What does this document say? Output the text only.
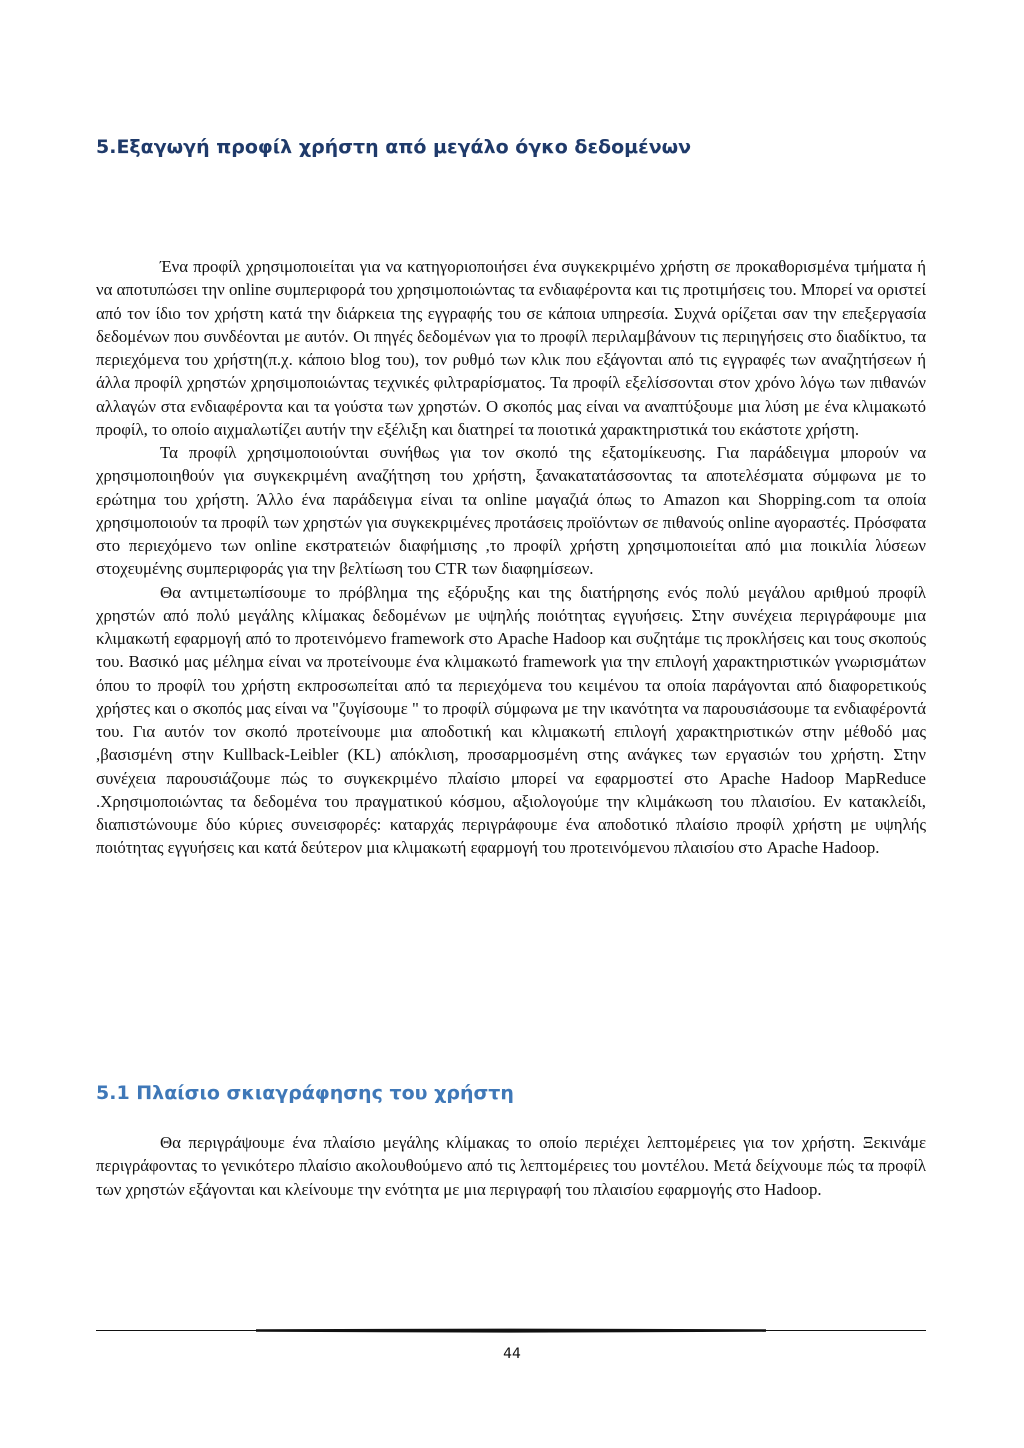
5.Εξαγωγή προφίλ χρήστη από μεγάλο όγκο δεδομένων

Ένα προφίλ χρησιμοποιείται για να κατηγοριοποιήσει ένα συγκεκριμένο χρήστη σε προκαθορισμένα τμήματα ή να αποτυπώσει την online συμπεριφορά του χρησιμοποιώντας τα ενδιαφέροντα και τις προτιμήσεις του. Μπορεί να οριστεί από τον ίδιο τον χρήστη κατά την διάρκεια της εγγραφής του σε κάποια υπηρεσία. Συχνά ορίζεται σαν την επεξεργασία δεδομένων που συνδέονται με αυτόν. Οι πηγές δεδομένων για το προφίλ περιλαμβάνουν τις περιηγήσεις στο διαδίκτυο, τα περιεχόμενα του χρήστη(π.χ. κάποιο blog του), τον ρυθμό των κλικ που εξάγονται από τις εγγραφές των αναζητήσεων ή άλλα προφίλ χρηστών χρησιμοποιώντας τεχνικές φιλτραρίσματος. Τα προφίλ εξελίσσονται στον χρόνο λόγω των πιθανών αλλαγών στα ενδιαφέροντα και τα γούστα των χρηστών. Ο σκοπός μας είναι να αναπτύξουμε μια λύση με ένα κλιμακωτό προφίλ, το οποίο αιχμαλωτίζει αυτήν την εξέλιξη και διατηρεί τα ποιοτικά χαρακτηριστικά του εκάστοτε χρήστη.

Τα προφίλ χρησιμοποιούνται συνήθως για τον σκοπό της εξατομίκευσης. Για παράδειγμα μπορούν να χρησιμοποιηθούν για συγκεκριμένη αναζήτηση του χρήστη, ξανακατατάσσοντας τα αποτελέσματα σύμφωνα με το ερώτημα του χρήστη. Άλλο ένα παράδειγμα είναι τα online μαγαζιά όπως το Amazon και Shopping.com τα οποία χρησιμοποιούν τα προφίλ των χρηστών για συγκεκριμένες προτάσεις προϊόντων σε πιθανούς online αγοραστές. Πρόσφατα στο περιεχόμενο των online εκστρατειών διαφήμισης ,το προφίλ χρήστη χρησιμοποιείται από μια ποικιλία λύσεων στοχευμένης συμπεριφοράς για την βελτίωση του CTR των διαφημίσεων.

Θα αντιμετωπίσουμε το πρόβλημα της εξόρυξης και της διατήρησης ενός πολύ μεγάλου αριθμού προφίλ χρηστών από πολύ μεγάλης κλίμακας δεδομένων με υψηλής ποιότητας εγγυήσεις. Στην συνέχεια περιγράφουμε μια κλιμακωτή εφαρμογή από το προτεινόμενο framework στο Apache Hadoop και συζητάμε τις προκλήσεις και τους σκοπούς του. Βασικό μας μέλημα είναι να προτείνουμε ένα κλιμακωτό framework για την επιλογή χαρακτηριστικών γνωρισμάτων όπου το προφίλ του χρήστη εκπροσωπείται από τα περιεχόμενα του κειμένου τα οποία παράγονται από διαφορετικούς χρήστες και ο σκοπός μας είναι να "ζυγίσουμε " το προφίλ σύμφωνα με την ικανότητα να παρουσιάσουμε τα ενδιαφέροντά του. Για αυτόν τον σκοπό προτείνουμε μια αποδοτική και κλιμακωτή επιλογή χαρακτηριστικών στην μέθοδό μας ,βασισμένη στην Kullback-Leibler (KL) απόκλιση, προσαρμοσμένη στης ανάγκες των εργασιών του χρήστη. Στην συνέχεια παρουσιάζουμε πώς το συγκεκριμένο πλαίσιο μπορεί να εφαρμοστεί στο Apache Hadoop MapReduce .Χρησιμοποιώντας τα δεδομένα του πραγματικού κόσμου, αξιολογούμε την κλιμάκωση του πλαισίου. Εν κατακλείδι, διαπιστώνουμε δύο κύριες συνεισφορές: καταρχάς περιγράφουμε ένα αποδοτικό πλαίσιο προφίλ χρήστη με υψηλής ποιότητας εγγυήσεις και κατά δεύτερον μια κλιμακωτή εφαρμογή του προτεινόμενου πλαισίου στο Apache Hadoop.

5.1 Πλαίσιο σκιαγράφησης του χρήστη

Θα περιγράψουμε ένα πλαίσιο μεγάλης κλίμακας το οποίο περιέχει λεπτομέρειες για τον χρήστη. Ξεκινάμε περιγράφοντας το γενικότερο πλαίσιο ακολουθούμενο από τις λεπτομέρειες του μοντέλου. Μετά δείχνουμε πώς τα προφίλ των χρηστών εξάγονται και κλείνουμε την ενότητα με μια περιγραφή του πλαισίου εφαρμογής στο Hadoop.

44
